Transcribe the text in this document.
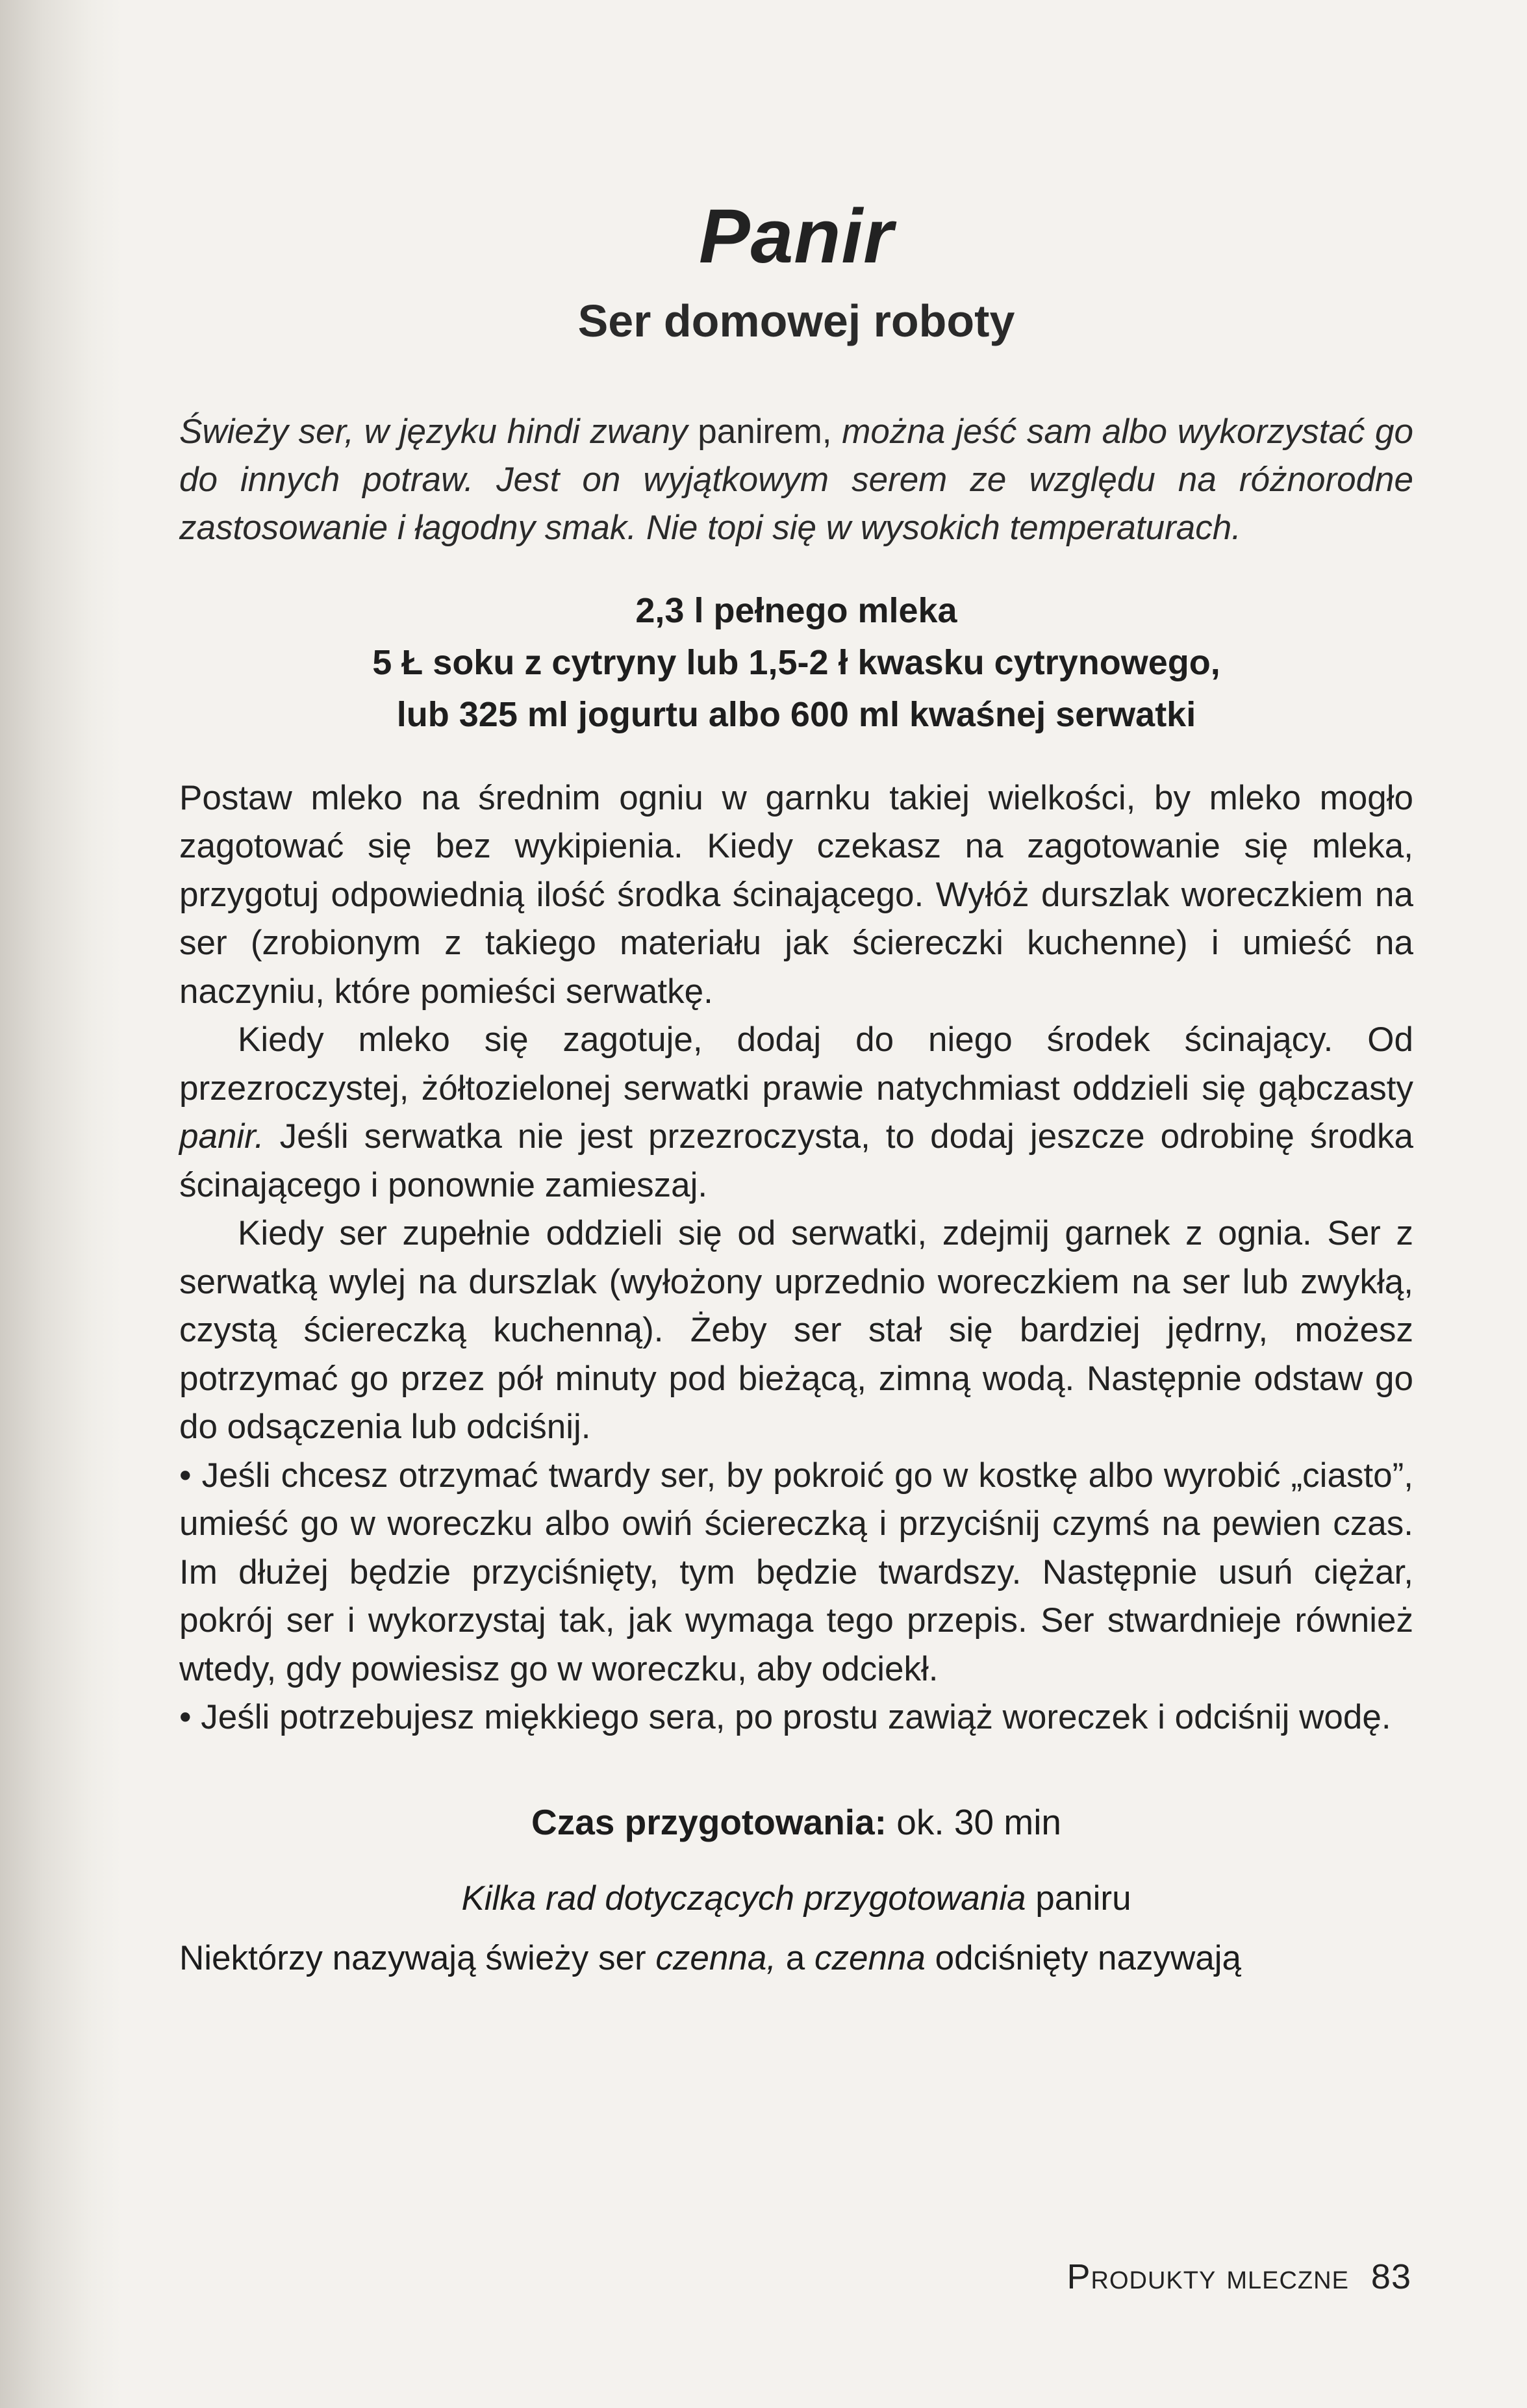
Panir
Ser domowej roboty

Świeży ser, w języku hindi zwany panirem, można jeść sam albo wykorzystać go do innych potraw. Jest on wyjątkowym serem ze względu na różnorodne zastosowanie i łagodny smak. Nie topi się w wysokich temperaturach.

2,3 l pełnego mleka
5 Ł soku z cytryny lub 1,5-2 ł kwasku cytrynowego,
lub 325 ml jogurtu albo 600 ml kwaśnej serwatki

Postaw mleko na średnim ogniu w garnku takiej wielkości, by mleko mogło zagotować się bez wykipienia. Kiedy czekasz na zagotowanie się mleka, przygotuj odpowiednią ilość środka ścinającego. Wyłóż durszlak woreczkiem na ser (zrobionym z takiego materiału jak ściereczki kuchenne) i umieść na naczyniu, które pomieści serwatkę.

Kiedy mleko się zagotuje, dodaj do niego środek ścinający. Od przezroczystej, żółtozielonej serwatki prawie natychmiast oddzieli się gąbczasty panir. Jeśli serwatka nie jest przezroczysta, to dodaj jeszcze odrobinę środka ścinającego i ponownie zamieszaj.

Kiedy ser zupełnie oddzieli się od serwatki, zdejmij garnek z ognia. Ser z serwatką wylej na durszlak (wyłożony uprzednio woreczkiem na ser lub zwykłą, czystą ściereczką kuchenną). Żeby ser stał się bardziej jędrny, możesz potrzymać go przez pół minuty pod bieżącą, zimną wodą. Następnie odstaw go do odsączenia lub odciśnij.

• Jeśli chcesz otrzymać twardy ser, by pokroić go w kostkę albo wyrobić „ciasto”, umieść go w woreczku albo owiń ściereczką i przyciśnij czymś na pewien czas. Im dłużej będzie przyciśnięty, tym będzie twardszy. Następnie usuń ciężar, pokrój ser i wykorzystaj tak, jak wymaga tego przepis. Ser stwardnieje również wtedy, gdy powiesisz go w woreczku, aby odciekł.

• Jeśli potrzebujesz miękkiego sera, po prostu zawiąż woreczek i odciśnij wodę.

Czas przygotowania: ok. 30 min
Kilka rad dotyczących przygotowania paniru

Niektórzy nazywają świeży ser czenna, a czenna odciśnięty nazywają

Produkty mleczne 83
